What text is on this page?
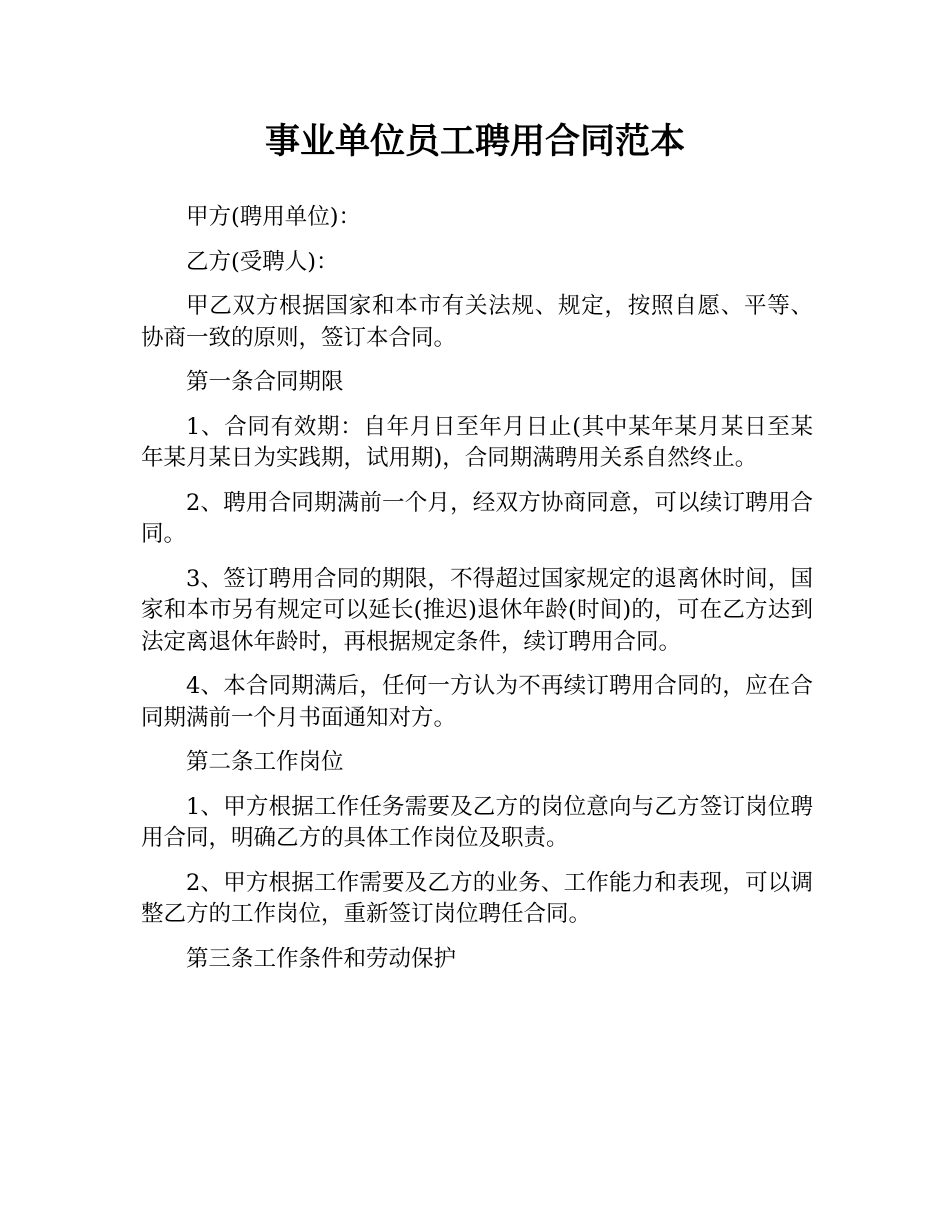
事业单位员工聘用合同范本

甲方(聘用单位)：

乙方(受聘人)：

甲乙双方根据国家和本市有关法规、规定，按照自愿、平等、协商一致的原则，签订本合同。

第一条合同期限

1、合同有效期：自年月日至年月日止(其中某年某月某日至某年某月某日为实践期，试用期)，合同期满聘用关系自然终止。

2、聘用合同期满前一个月，经双方协商同意，可以续订聘用合同。

3、签订聘用合同的期限，不得超过国家规定的退离休时间，国家和本市另有规定可以延长(推迟)退休年龄(时间)的，可在乙方达到法定离退休年龄时，再根据规定条件，续订聘用合同。

4、本合同期满后，任何一方认为不再续订聘用合同的，应在合同期满前一个月书面通知对方。

第二条工作岗位

1、甲方根据工作任务需要及乙方的岗位意向与乙方签订岗位聘用合同，明确乙方的具体工作岗位及职责。

2、甲方根据工作需要及乙方的业务、工作能力和表现，可以调整乙方的工作岗位，重新签订岗位聘任合同。

第三条工作条件和劳动保护
